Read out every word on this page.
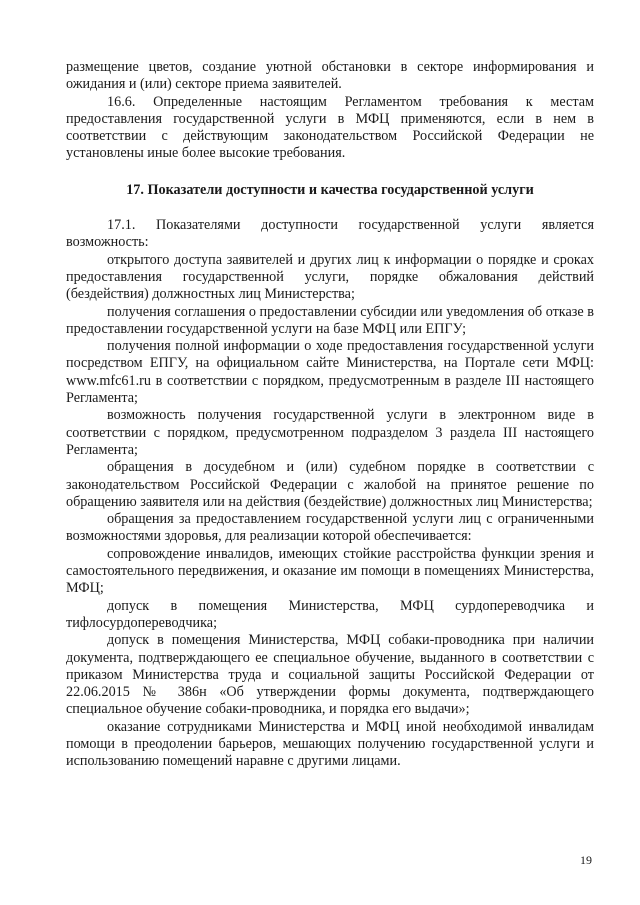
размещение цветов, создание уютной обстановки в секторе информирования и ожидания и (или) секторе приема заявителей.

16.6. Определенные настоящим Регламентом требования к местам предоставления государственной услуги в МФЦ применяются, если в нем в соответствии с действующим законодательством Российской Федерации не установлены иные более высокие требования.

17. Показатели доступности и качества государственной услуги

17.1. Показателями доступности государственной услуги является возможность:

открытого доступа заявителей и других лиц к информации о порядке и сроках предоставления государственной услуги, порядке обжалования действий (бездействия) должностных лиц Министерства;

получения соглашения о предоставлении субсидии или уведомления об отказе в предоставлении государственной услуги на базе МФЦ или ЕПГУ;

получения полной информации о ходе предоставления государственной услуги посредством ЕПГУ, на официальном сайте Министерства, на Портале сети МФЦ: www.mfc61.ru в соответствии с порядком, предусмотренным в разделе III настоящего Регламента;

возможность получения государственной услуги в электронном виде в соответствии с порядком, предусмотренном подразделом 3 раздела III настоящего Регламента;

обращения в досудебном и (или) судебном порядке в соответствии с законодательством Российской Федерации с жалобой на принятое решение по обращению заявителя или на действия (бездействие) должностных лиц Министерства;

обращения за предоставлением государственной услуги лиц с ограниченными возможностями здоровья, для реализации которой обеспечивается:

сопровождение инвалидов, имеющих стойкие расстройства функции зрения и самостоятельного передвижения, и оказание им помощи в помещениях Министерства, МФЦ;

допуск в помещения Министерства, МФЦ сурдопереводчика и тифлосурдопереводчика;

допуск в помещения Министерства, МФЦ собаки-проводника при наличии документа, подтверждающего ее специальное обучение, выданного в соответствии с приказом Министерства труда и социальной защиты Российской Федерации от 22.06.2015 № 386н «Об утверждении формы документа, подтверждающего специальное обучение собаки-проводника, и порядка его выдачи»;

оказание сотрудниками Министерства и МФЦ иной необходимой инвалидам помощи в преодолении барьеров, мешающих получению государственной услуги и использованию помещений наравне с другими лицами.

19
